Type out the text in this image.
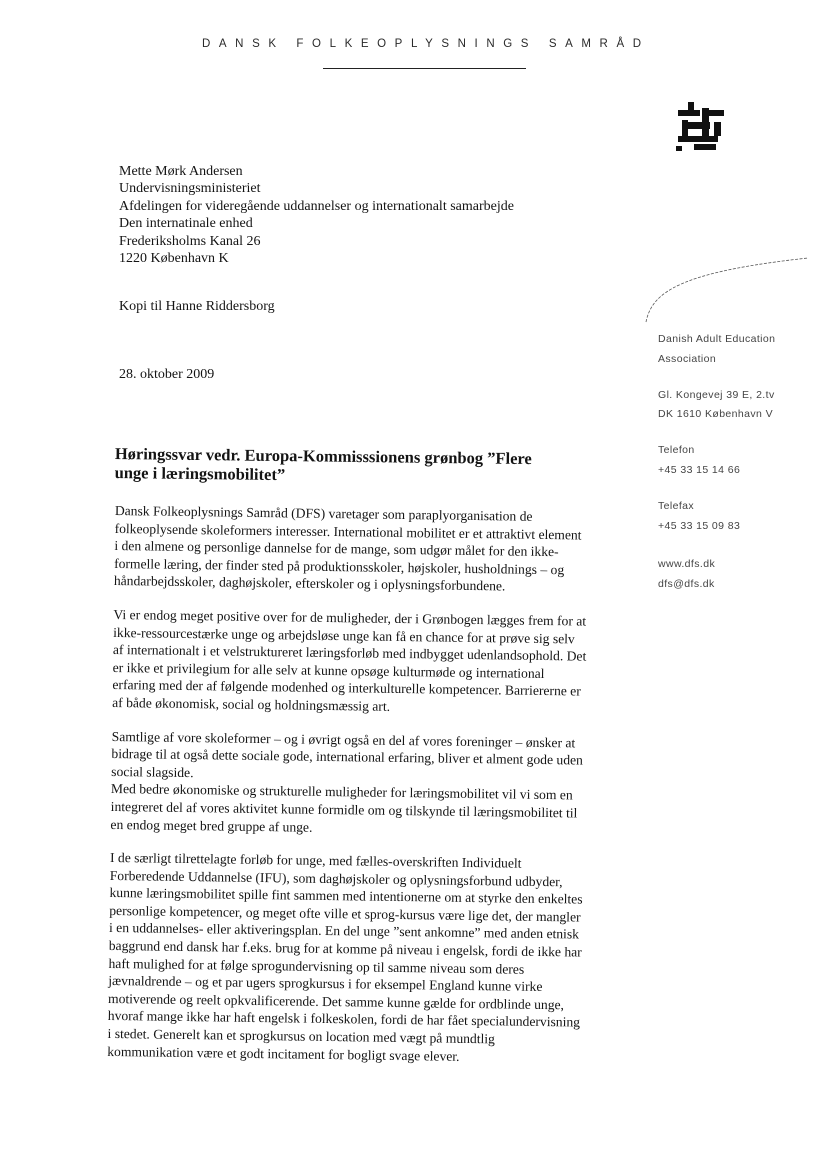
DANSK FOLKEOPLYSNINGS SAMRÅD
Mette Mørk Andersen
Undervisningsministeriet
Afdelingen for videregående uddannelser og internationalt samarbejde
Den internatinale enhed
Frederiksholms Kanal 26
1220 København K
Kopi til Hanne Riddersborg
28. oktober 2009
Danish Adult Education
Association
Gl. Kongevej 39 E, 2.tv
DK 1610 København V
Telefon
+45 33 15 14 66
Telefax
+45 33 15 09 83
www.dfs.dk
dfs@dfs.dk
Høringssvar vedr. Europa-Kommisssionens grønbog ”Flere
unge i læringsmobilitet”
Dansk Folkeoplysnings Samråd (DFS) varetager som paraplyorganisation de
folkeoplysende skoleformers interesser. International mobilitet er et attraktivt element
i den almene og personlige dannelse for de mange, som udgør målet for den ikke-
formelle læring, der finder sted på produktionsskoler, højskoler, husholdnings – og
håndarbejdsskoler, daghøjskoler, efterskoler og i oplysningsforbundene.
Vi er endog meget positive over for de muligheder, der i Grønbogen lægges frem for at
ikke-ressourcestærke unge og arbejdsløse unge kan få en chance for at prøve sig selv
af internationalt i et velstruktureret læringsforløb med indbygget udenlandsophold. Det
er ikke et privilegium for alle selv at kunne opsøge kulturmøde og international
erfaring med der af følgende modenhed og interkulturelle kompetencer. Barriererne er
af både økonomisk, social og holdningsmæssig art.
Samtlige af vore skoleformer – og i øvrigt også en del af vores foreninger – ønsker at
bidrage til at også dette sociale gode, international erfaring, bliver et alment gode uden
social slagside.
Med bedre økonomiske og strukturelle muligheder for læringsmobilitet vil vi som en
integreret del af vores aktivitet kunne formidle om og tilskynde til læringsmobilitet til
en endog meget bred gruppe af unge.
I de særligt tilrettelagte forløb for unge, med fælles-overskriften Individuelt
Forberedende Uddannelse (IFU), som daghøjskoler og oplysningsforbund udbyder,
kunne læringsmobilitet spille fint sammen med intentionerne om at styrke den enkeltes
personlige kompetencer, og meget ofte ville et sprog-kursus være lige det, der mangler
i en uddannelses- eller aktiveringsplan. En del unge ”sent ankomne” med anden etnisk
baggrund end dansk har f.eks. brug for at komme på niveau i engelsk, fordi de ikke har
haft mulighed for at følge sprogundervisning op til samme niveau som deres
jævnaldrende – og et par ugers sprogkursus i for eksempel England kunne virke
motiverende og reelt opkvalificerende. Det samme kunne gælde for ordblinde unge,
hvoraf mange ikke har haft engelsk i folkeskolen, fordi de har fået specialundervisning
i stedet. Generelt kan et sprogkursus on location med vægt på mundtlig
kommunikation være et godt incitament for bogligt svage elever.
